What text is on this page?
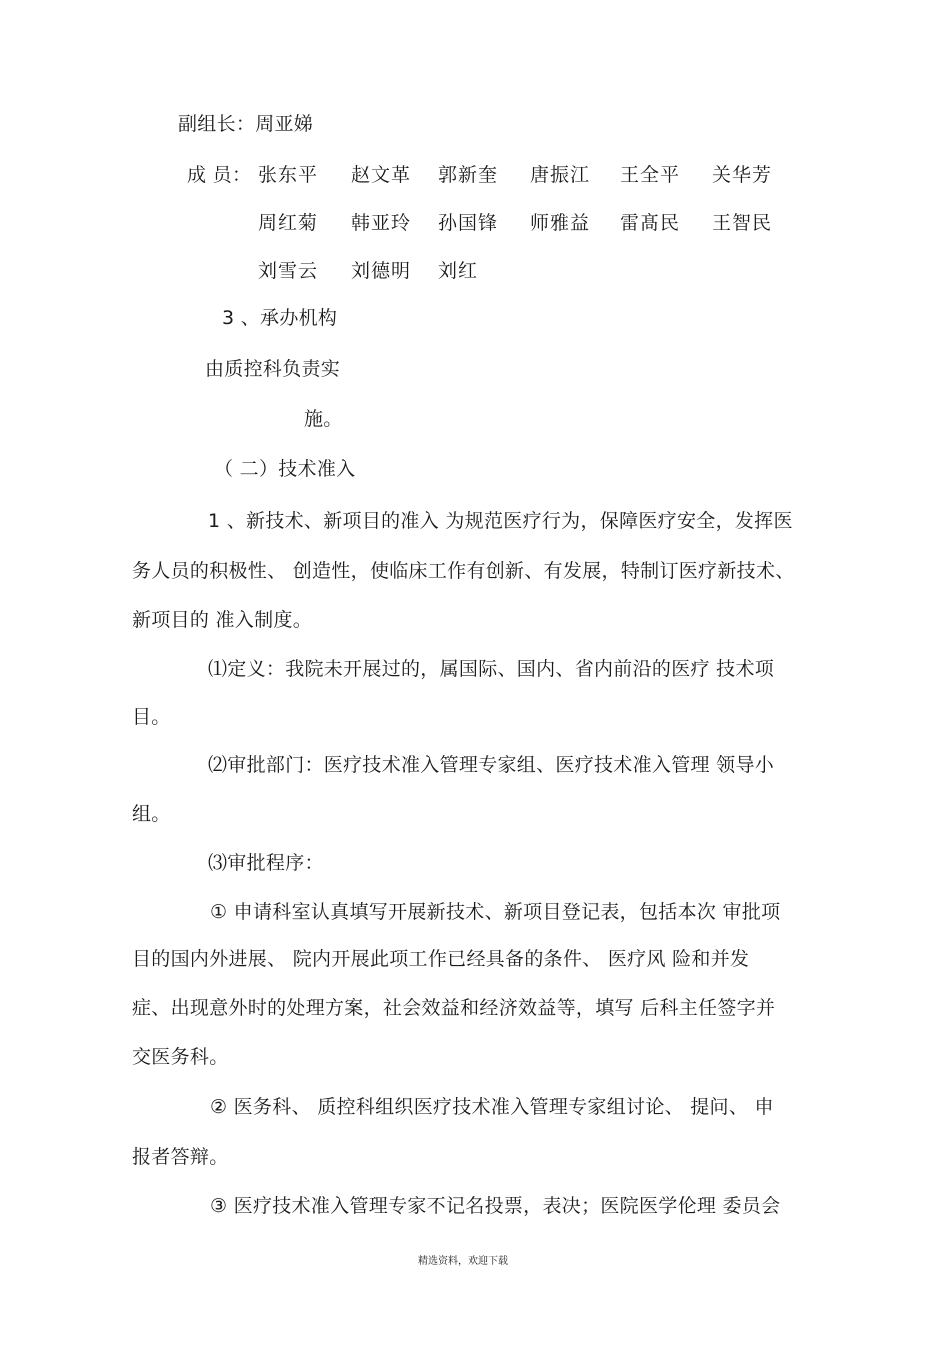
副组长：周亚娣
成 员： 张东平 赵文革 郭新奎 唐振江 王全平 关华芳
周红菊 韩亚玲 孙国锋 师雅益 雷髙民 王智民
刘雪云 刘德明 刘红
3 、承办机构
由质控科负责实
施。
（ 二）技术准入
1 、新技术、新项目的准入 为规范医疗行为，保障医疗安全，发挥医
务人员的积极性、 创造性，使临床工作有创新、有发展，特制订医疗新技术、
新项目的 准入制度。
⑴定义：我院未开展过的，属国际、国内、省内前沿的医疗 技术项
目。
⑵审批部门：医疗技术准入管理专家组、医疗技术准入管理 领导小
组。
⑶审批程序：
① 申请科室认真填写开展新技术、新项目登记表，包括本次 审批项
目的国内外进展、 院内开展此项工作已经具备的条件、 医疗风 险和并发
症、出现意外时的处理方案，社会效益和经济效益等，填写 后科主任签字并
交医务科。
② 医务科、 质控科组织医疗技术准入管理专家组讨论、 提问、 申
报者答辩。
③ 医疗技术准入管理专家不记名投票，表决；医院医学伦理 委员会
精选资料，欢迎下载
